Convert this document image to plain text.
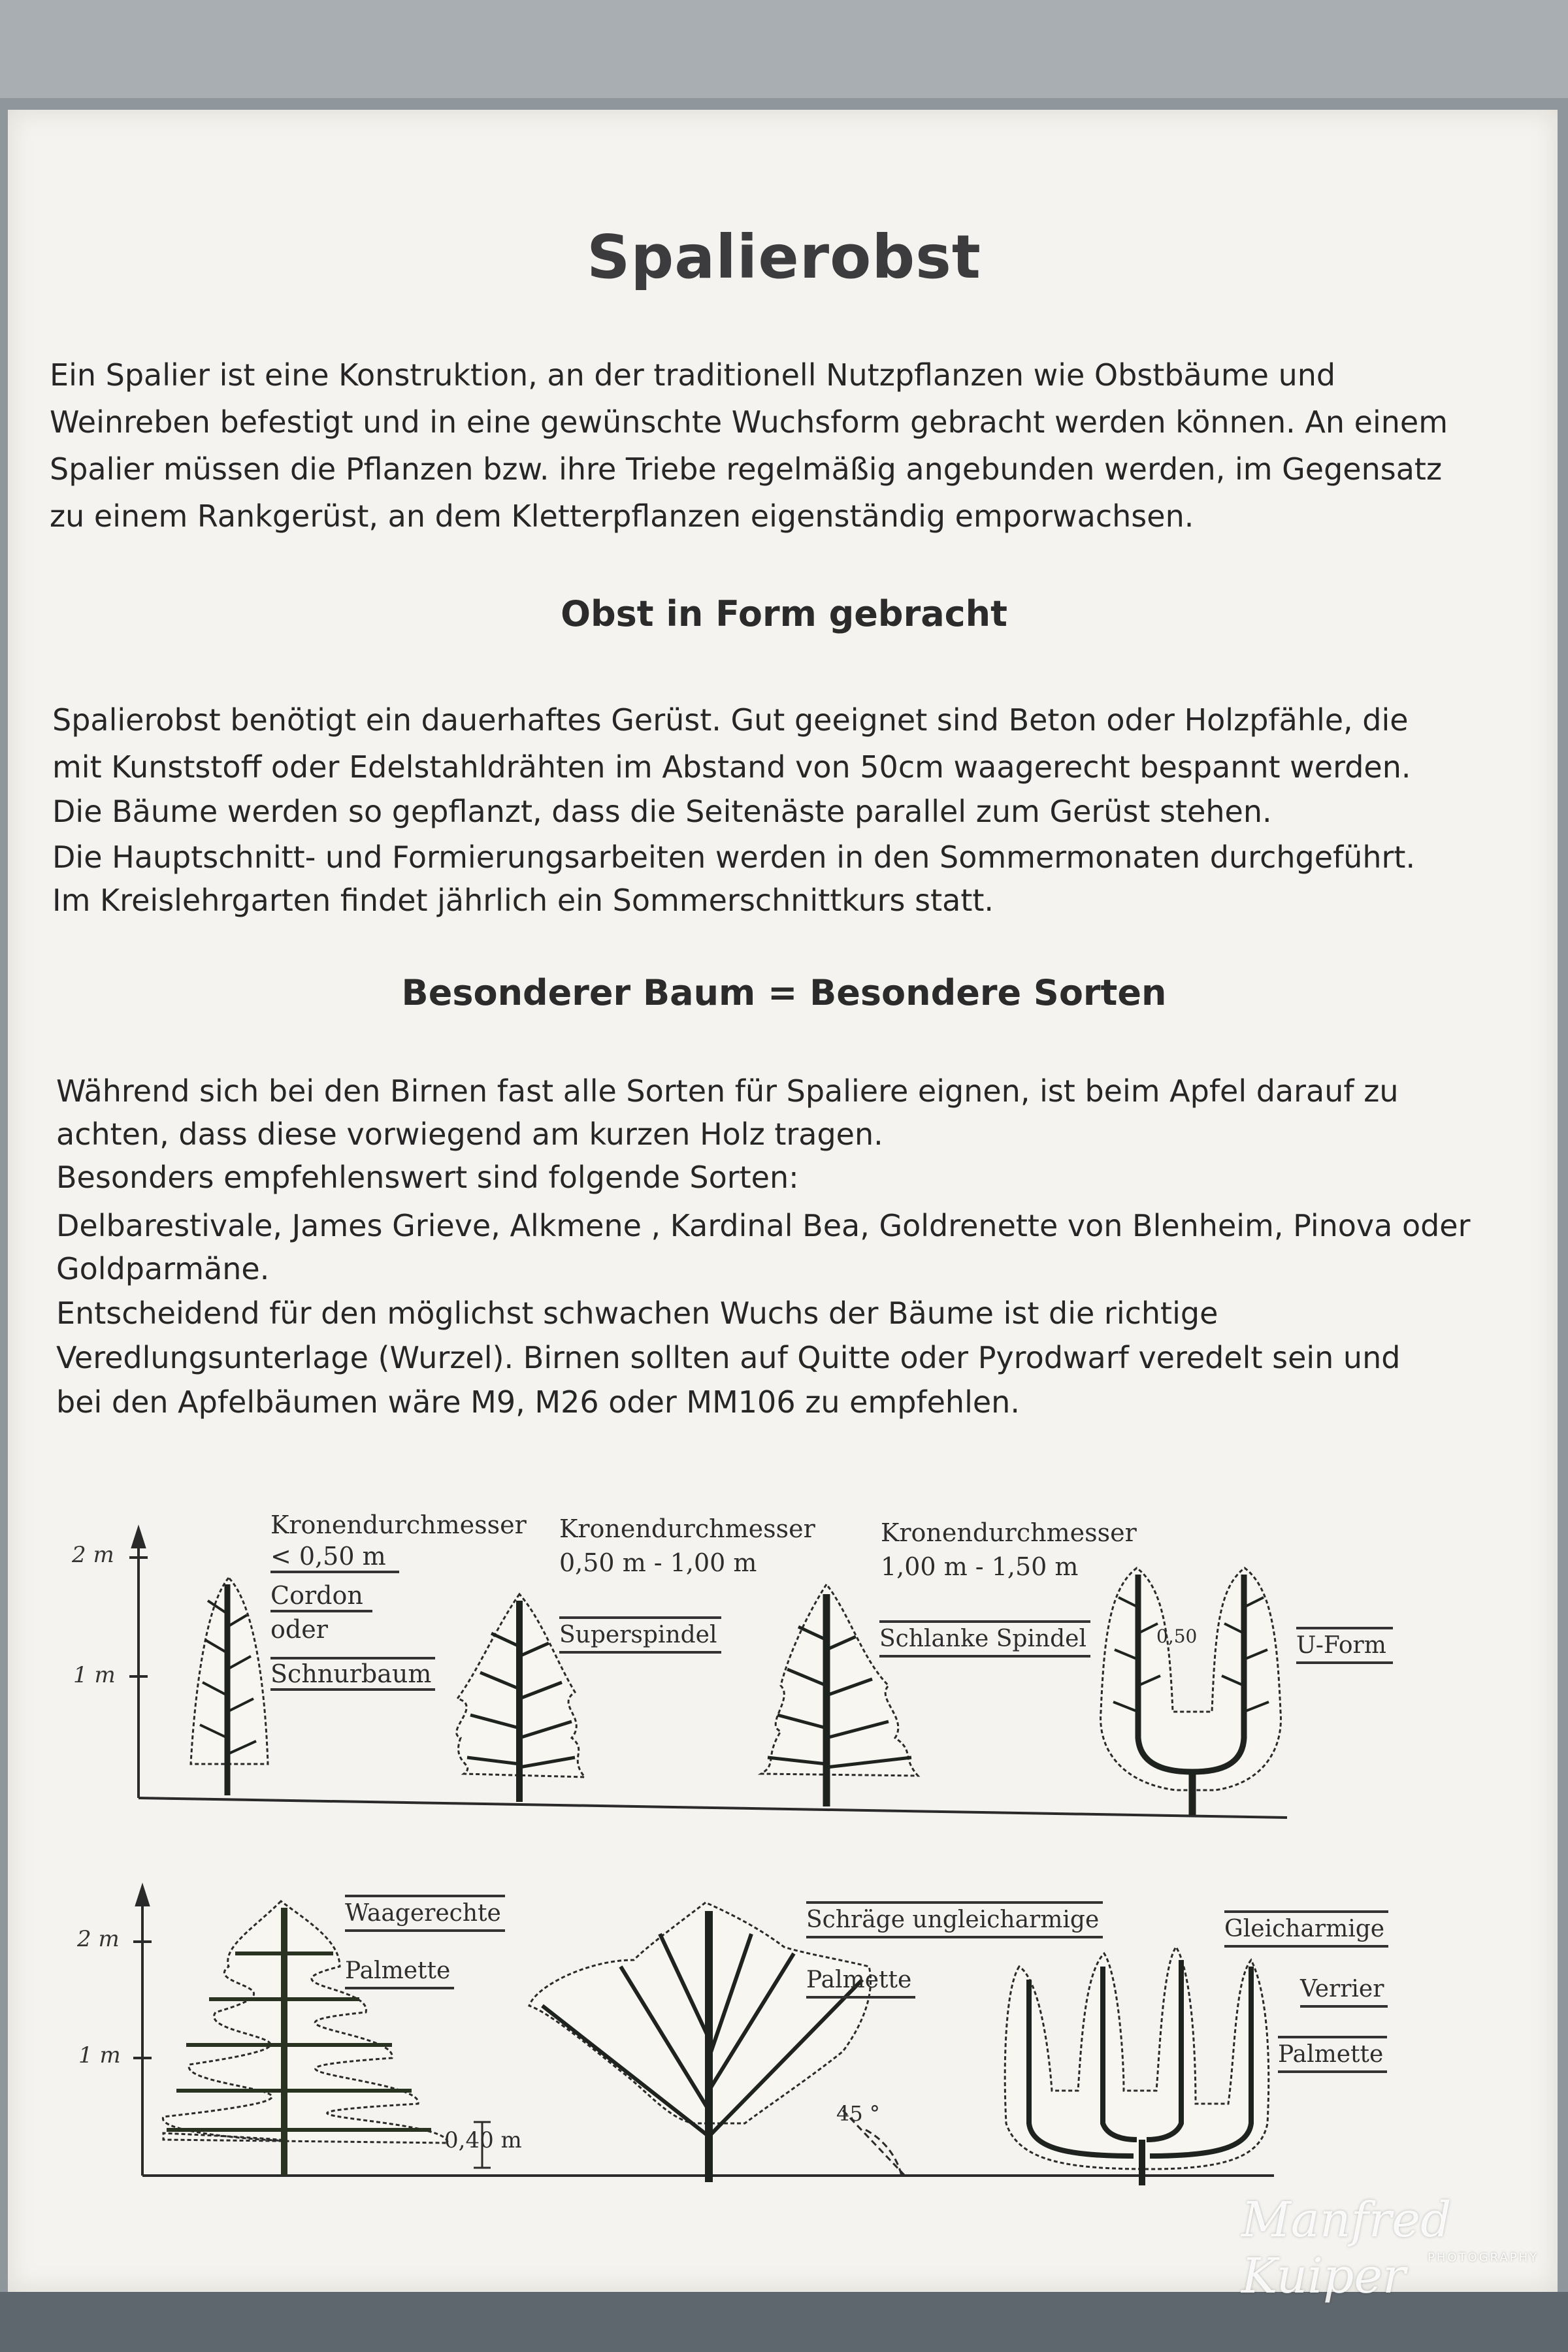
Spalierobst
Ein Spalier ist eine Konstruktion, an der traditionell Nutzpflanzen wie Obstbäume und
Weinreben befestigt und in eine gewünschte Wuchsform gebracht werden können. An einem
Spalier müssen die Pflanzen bzw. ihre Triebe regelmäßig angebunden werden, im Gegensatz
zu einem Rankgerüst, an dem Kletterpflanzen eigenständig emporwachsen.
Obst in Form gebracht
Spalierobst benötigt ein dauerhaftes Gerüst. Gut geeignet sind Beton oder Holzpfähle, die
mit Kunststoff oder Edelstahldrähten im Abstand von 50cm waagerecht bespannt werden.
Die Bäume werden so gepflanzt, dass die Seitenäste parallel zum Gerüst stehen.
Die Hauptschnitt- und Formierungsarbeiten werden in den Sommermonaten durchgeführt.
Im Kreislehrgarten findet jährlich ein Sommerschnittkurs statt.
Besonderer Baum = Besondere Sorten
Während sich bei den Birnen fast alle Sorten für Spaliere eignen, ist beim Apfel darauf zu
achten, dass diese vorwiegend am kurzen Holz tragen.
Besonders empfehlenswert sind folgende Sorten:
Delbarestivale, James Grieve, Alkmene , Kardinal Bea, Goldrenette von Blenheim, Pinova oder
Goldparmäne.
Entscheidend für den möglichst schwachen Wuchs der Bäume ist die richtige
Veredlungsunterlage (Wurzel). Birnen sollten auf Quitte oder Pyrodwarf veredelt sein und
bei den Apfelbäumen wäre M9, M26 oder MM106 zu empfehlen.
2 m
1 m
2 m
1 m
Kronendurchmesser
< 0,50 m
Cordon
oder
Schnurbaum
Kronendurchmesser
0,50 m - 1,00 m
Superspindel
Kronendurchmesser
1,00 m - 1,50 m
Schlanke Spindel	0,50	U-Form
Waagerechte
Palmette
0,40 m
Schräge ungleicharmige
Palmette
45 °
Gleicharmige
Verrier
Palmette
Manfred Kuiper	PHOTOGRAPHY
